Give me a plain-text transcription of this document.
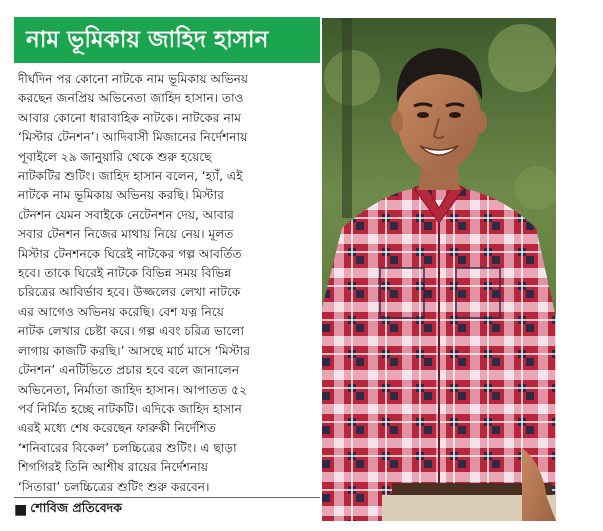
নাম ভূমিকায় জাহিদ হাসান
দীর্ঘদিন পর কোনো নাটকে নাম ভূমিকায় অভিনয়
করছেন জনপ্রিয় অভিনেতা জাহিদ হাসান। তাও
আবার কোনো ধারাবাহিক নাটকে। নাটকের নাম
‘মিস্টার টেনশন’। আদিবাসী মিজানের নির্দেশনায়
পূবাইলে ২৯ জানুয়ারি থেকে শুরু হয়েছে
নাটকটির শুটিং। জাহিদ হাসান বলেন, ‘হ্যাঁ, এই
নাটকে নাম ভূমিকায় অভিনয় করছি। মিস্টার
টেনশন যেমন সবাইকে নেটেনশন দেয়, আবার
সবার টেনশন নিজের মাথায় নিয়ে নেয়। মূলত
মিস্টার টেনশনকে ঘিরেই নাটকের গল্প আবর্তিত
হবে। তাকে ঘিরেই নাটকে বিভিন্ন সময় বিভিন্ন
চরিত্রের আবির্ভাব হবে। উজ্জলের লেখা নাটকে
এর আগেও অভিনয় করেছি। বেশ যত্ন নিয়ে
নাটক লেখার চেষ্টা করে। গল্প এবং চরিত্র ভালো
লাগায় কাজটি করছি।’ আসছে মার্চ মাসে ‘মিস্টার
টেনশন’ এনটিভিতে প্রচার হবে বলে জানালেন
অভিনেতা, নির্মাতা জাহিদ হাসান। আপাতত ৫২
পর্ব নির্মিত হচ্ছে নাটকটি। এদিকে জাহিদ হাসান
এরই মধ্যে শেষ করেছেন ফারুকী নির্দেশিত
‘শনিবারের বিকেল’ চলচ্চিত্রের শুটিং। এ ছাড়া
শিগগিরই তিনি আশীষ রায়ের নির্দেশনায়
‘সিতারা’ চলচ্চিত্রের শুটিং শুরু করবেন।
■ শোবিজ প্রতিবেদক
